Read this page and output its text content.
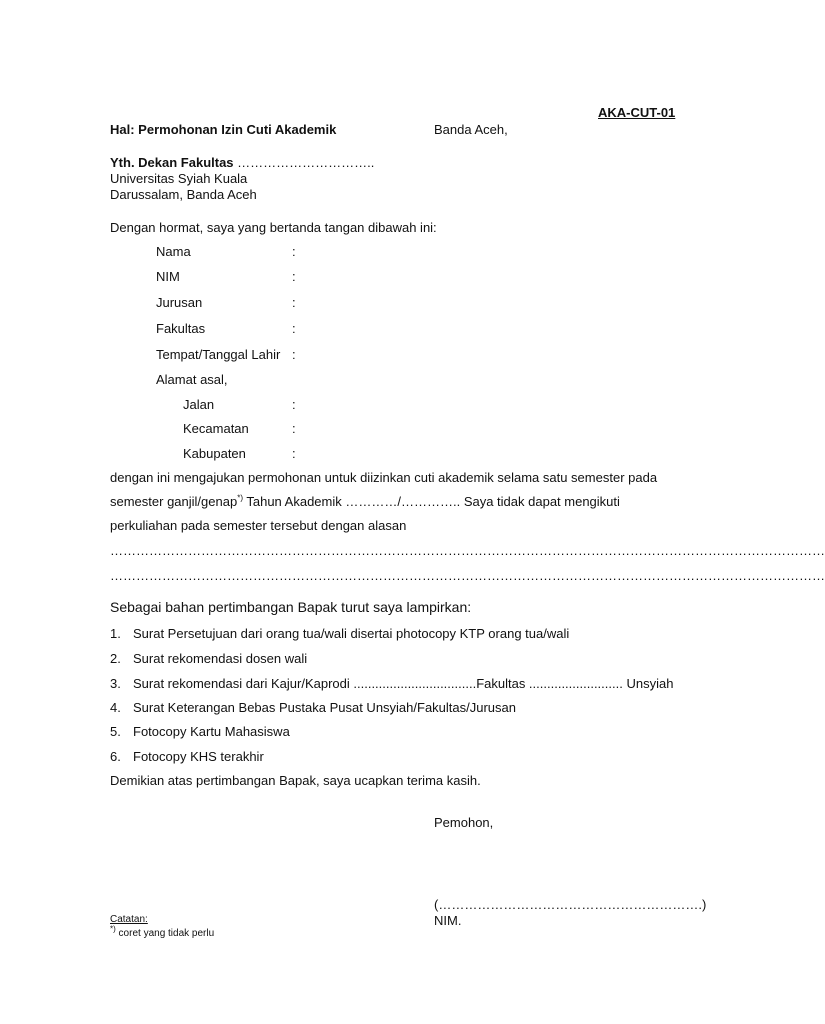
AKA-CUT-01
Hal: Permohonan Izin Cuti Akademik	Banda Aceh,
Yth. Dekan Fakultas …………………………..
Universitas Syiah Kuala
Darussalam, Banda Aceh
Dengan hormat, saya yang bertanda tangan dibawah ini:
Nama	:
NIM	:
Jurusan	:
Fakultas	:
Tempat/Tanggal Lahir :
Alamat asal,
Jalan	:
Kecamatan	:
Kabupaten	:
dengan ini mengajukan permohonan untuk diizinkan cuti akademik selama satu semester pada
semester ganjil/genap*) Tahun Akademik …………/………….. Saya tidak dapat mengikuti
perkuliahan pada semester tersebut dengan alasan
…………………………………………………………………………………………………………………………………………………
…………………………………………………………………………………………………………………………………………………
Sebagai bahan pertimbangan Bapak turut saya lampirkan:
1. Surat Persetujuan dari orang tua/wali disertai photocopy KTP orang tua/wali
2. Surat rekomendasi dosen wali
3. Surat rekomendasi dari Kajur/Kaprodi ..................................Fakultas .......................... Unsyiah
4. Surat Keterangan Bebas Pustaka Pusat Unsyiah/Fakultas/Jurusan
5. Fotocopy Kartu Mahasiswa
6. Fotocopy KHS terakhir
Demikian atas pertimbangan Bapak, saya ucapkan terima kasih.
Pemohon,
(…………………………………………………….)
NIM.
Catatan:
*) coret yang tidak perlu
